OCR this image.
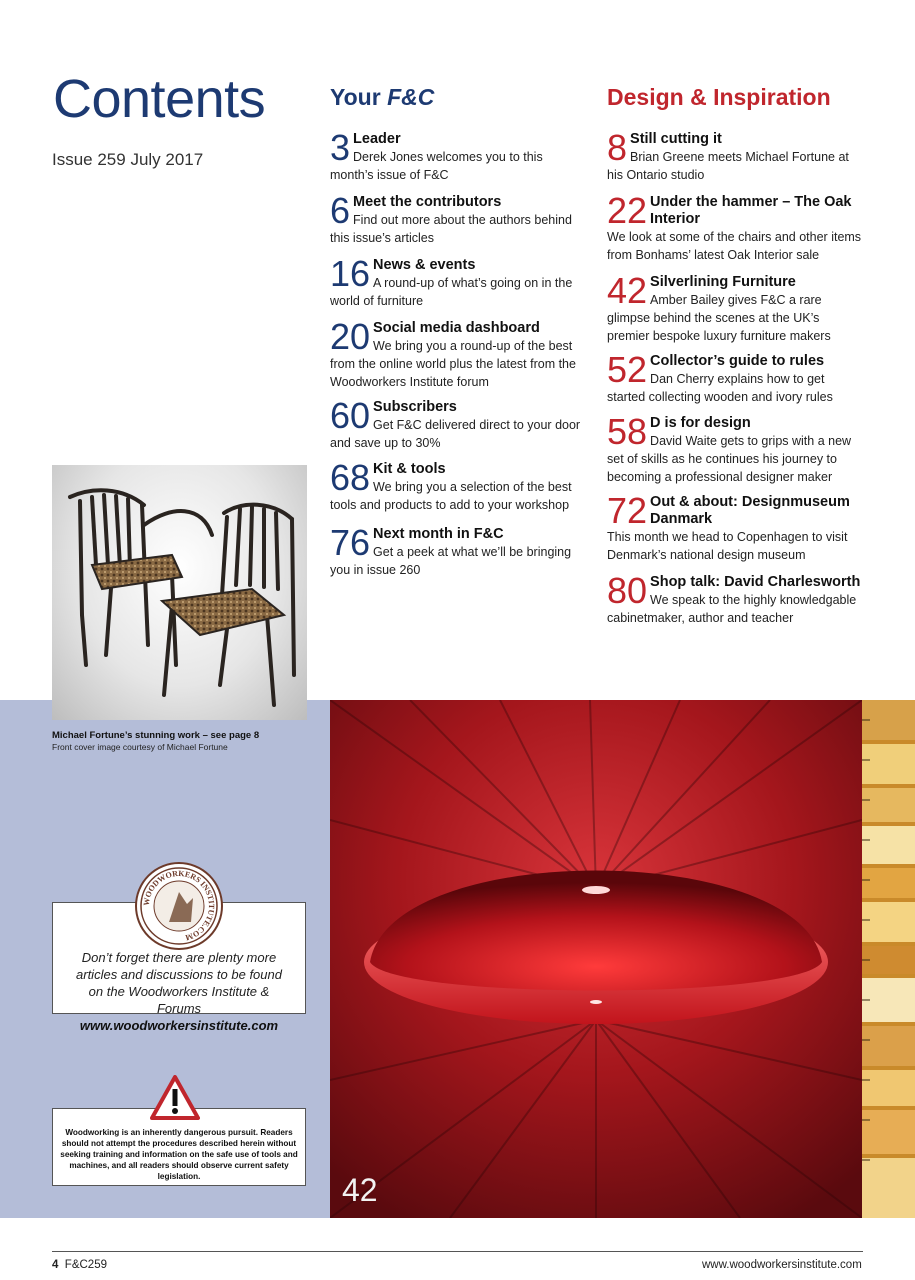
Contents
Issue 259 July 2017
Your F&C	Design & Inspiration
3 Leader
Derek Jones welcomes you to this month’s issue of F&C
6 Meet the contributors
Find out more about the authors behind this issue’s articles
16 News & events
A round-up of what’s going on in the world of furniture
20 Social media dashboard
We bring you a round-up of the best from the online world plus the latest from the Woodworkers Institute forum
60 Subscribers
Get F&C delivered direct to your door and save up to 30%
68 Kit & tools
We bring you a selection of the best tools and products to add to your workshop
76 Next month in F&C
Get a peek at what we’ll be bringing you in issue 260
8 Still cutting it
Brian Greene meets Michael Fortune at his Ontario studio
22 Under the hammer – The Oak Interior
We look at some of the chairs and other items from Bonhams’ latest Oak Interior sale
42 Silverlining Furniture
Amber Bailey gives F&C a rare glimpse behind the scenes at the UK’s premier bespoke luxury furniture makers
52 Collector’s guide to rules
Dan Cherry explains how to get started collecting wooden and ivory rules
58 D is for design
David Waite gets to grips with a new set of skills as he continues his journey to becoming a professional designer maker
72 Out & about: Designmuseum Danmark
This month we head to Copenhagen to visit Denmark’s national design museum
80 Shop talk: David Charlesworth
We speak to the highly knowledgable cabinetmaker, author and teacher
Michael Fortune’s stunning work – see page 8
Front cover image courtesy of Michael Fortune
Don’t forget there are plenty more articles and discussions to be found on the Woodworkers Institute & Forums
www.woodworkersinstitute.com
WOODWORKERS INSTITUTE.COM
Woodworking is an inherently dangerous pursuit. Readers should not attempt the procedures described herein without seeking training and information on the safe use of tools and machines, and all readers should observe current safety legislation.	42
4 F&C259	www.woodworkersinstitute.com
